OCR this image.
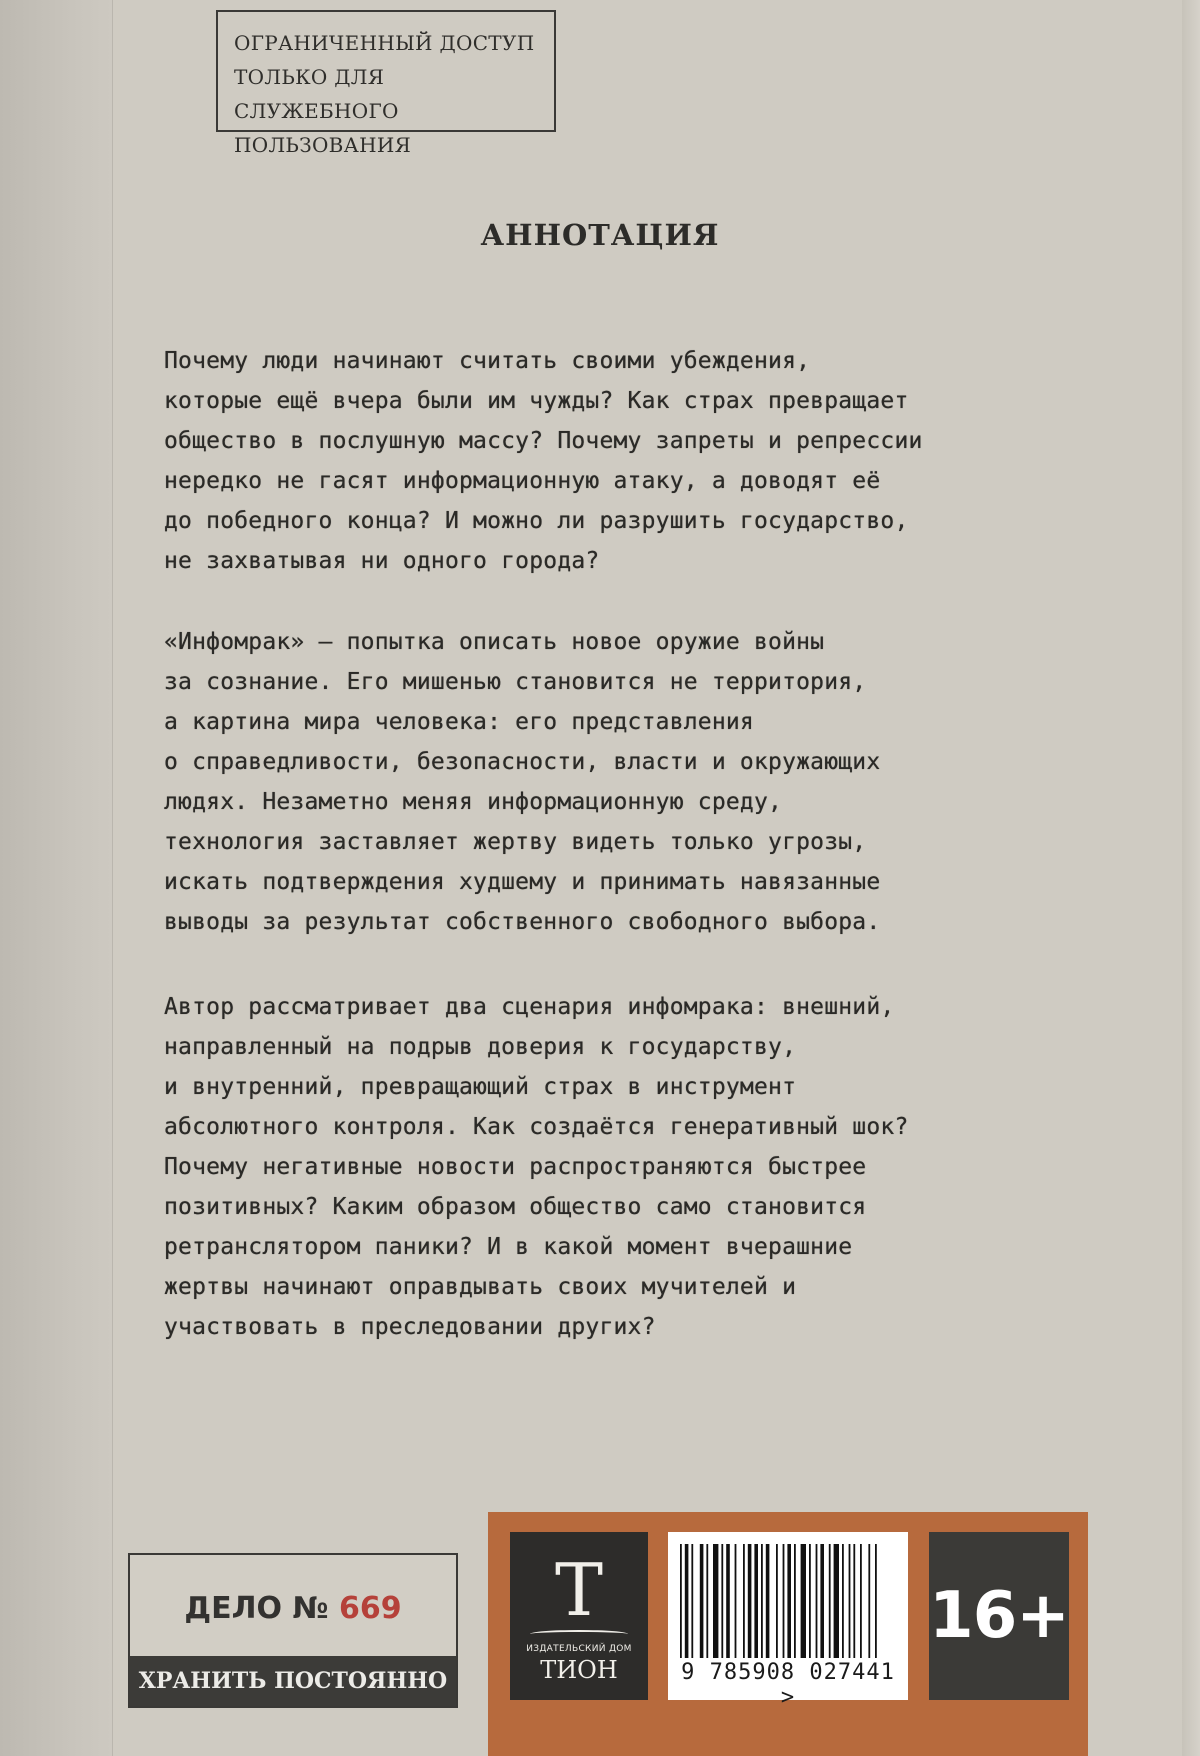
ОГРАНИЧЕННЫЙ ДОСТУП
ТОЛЬКО ДЛЯ СЛУЖЕБНОГО
ПОЛЬЗОВАНИЯ
АННОТАЦИЯ
Почему люди начинают считать своими убеждения,
которые ещё вчера были им чужды? Как страх превращает
общество в послушную массу? Почему запреты и репрессии
нередко не гасят информационную атаку, а доводят её
до победного конца? И можно ли разрушить государство,
не захватывая ни одного города?
«Инфомрак» – попытка описать новое оружие войны
за сознание. Его мишенью становится не территория,
а картина мира человека: его представления
о справедливости, безопасности, власти и окружающих
людях. Незаметно меняя информационную среду,
технология заставляет жертву видеть только угрозы,
искать подтверждения худшему и принимать навязанные
выводы за результат собственного свободного выбора.
Автор рассматривает два сценария инфомрака: внешний,
направленный на подрыв доверия к государству,
и внутренний, превращающий страх в инструмент
абсолютного контроля. Как создаётся генеративный шок?
Почему негативные новости распространяются быстрее
позитивных? Каким образом общество само становится
ретранслятором паники? И в какой момент вчерашние
жертвы начинают оправдывать своих мучителей и
участвовать в преследовании других?
ДЕЛО № 669
ХРАНИТЬ ПОСТОЯННО
Т
ИЗДАТЕЛЬСКИЙ ДОМ
ТИОН	9 785908 027441 >
16+
